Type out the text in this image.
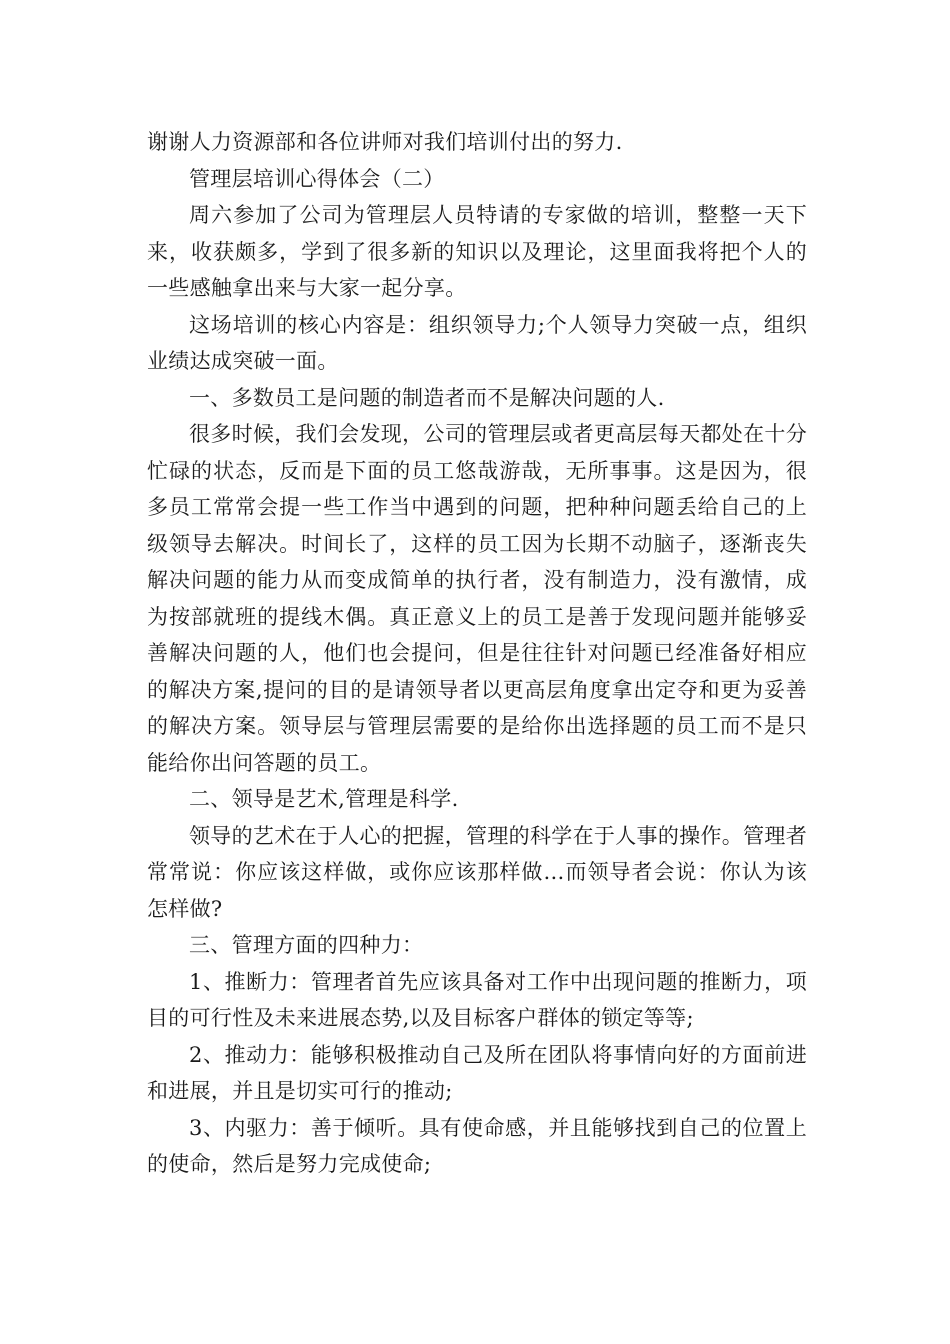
谢谢人力资源部和各位讲师对我们培训付出的努力.

管理层培训心得体会（二）

周六参加了公司为管理层人员特请的专家做的培训，整整一天下来，收获颇多，学到了很多新的知识以及理论，这里面我将把个人的一些感触拿出来与大家一起分享。

这场培训的核心内容是：组织领导力;个人领导力突破一点，组织业绩达成突破一面。

一、多数员工是问题的制造者而不是解决问题的人.

很多时候，我们会发现，公司的管理层或者更高层每天都处在十分忙碌的状态，反而是下面的员工悠哉游哉，无所事事。这是因为，很多员工常常会提一些工作当中遇到的问题，把种种问题丢给自己的上级领导去解决。时间长了，这样的员工因为长期不动脑子，逐渐丧失解决问题的能力从而变成简单的执行者，没有制造力，没有激情，成为按部就班的提线木偶。真正意义上的员工是善于发现问题并能够妥善解决问题的人，他们也会提问，但是往往针对问题已经准备好相应的解决方案,提问的目的是请领导者以更高层角度拿出定夺和更为妥善的解决方案。领导层与管理层需要的是给你出选择题的员工而不是只能给你出问答题的员工。

二、领导是艺术,管理是科学.

领导的艺术在于人心的把握，管理的科学在于人事的操作。管理者常常说：你应该这样做，或你应该那样做…而领导者会说：你认为该怎样做?

三、管理方面的四种力：

1、推断力：管理者首先应该具备对工作中出现问题的推断力，项目的可行性及未来进展态势,以及目标客户群体的锁定等等;

2、推动力：能够积极推动自己及所在团队将事情向好的方面前进和进展，并且是切实可行的推动;

3、内驱力：善于倾听。具有使命感，并且能够找到自己的位置上的使命，然后是努力完成使命;
